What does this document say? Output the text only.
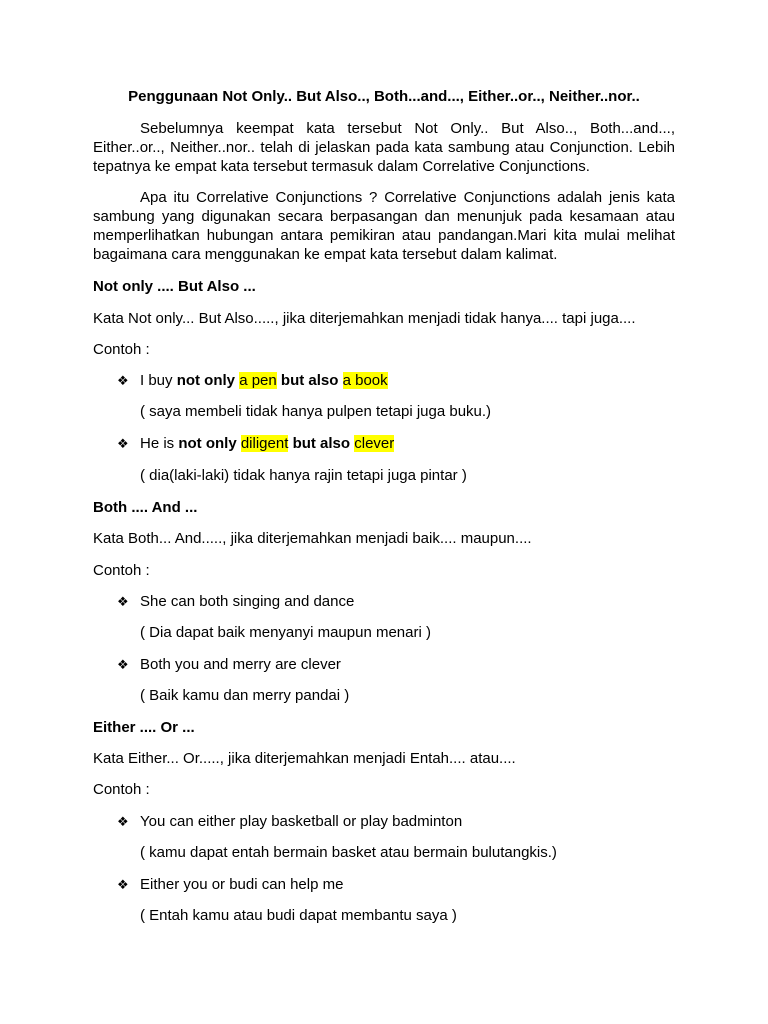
Penggunaan Not Only.. But Also.., Both...and..., Either..or.., Neither..nor..

Sebelumnya keempat kata tersebut Not Only.. But Also.., Both...and..., Either..or.., Neither..nor.. telah di jelaskan pada kata sambung atau Conjunction. Lebih tepatnya ke empat kata tersebut termasuk dalam Correlative Conjunctions.

Apa itu Correlative Conjunctions ? Correlative Conjunctions adalah jenis kata sambung yang digunakan secara berpasangan dan menunjuk pada kesamaan atau memperlihatkan hubungan antara pemikiran atau pandangan.Mari kita mulai melihat bagaimana cara menggunakan ke empat kata tersebut dalam kalimat.

Not only .... But Also ...

Kata Not only... But Also....., jika diterjemahkan menjadi tidak hanya.... tapi juga....

Contoh :

❖ I buy not only a pen but also a book

( saya membeli tidak hanya pulpen tetapi juga buku.)

❖ He is not only diligent but also clever

( dia(laki-laki) tidak hanya rajin tetapi juga pintar )

Both .... And ...

Kata Both... And....., jika diterjemahkan menjadi baik.... maupun....

Contoh :

❖ She can both singing and dance

( Dia dapat baik menyanyi maupun menari )

❖ Both you and merry are clever

( Baik kamu dan merry pandai )

Either .... Or ...

Kata Either... Or....., jika diterjemahkan menjadi Entah.... atau....

Contoh :

❖ You can either play basketball or play badminton

( kamu dapat entah bermain basket atau bermain bulutangkis.)

❖ Either you or budi can help me

( Entah kamu atau budi dapat membantu saya )
